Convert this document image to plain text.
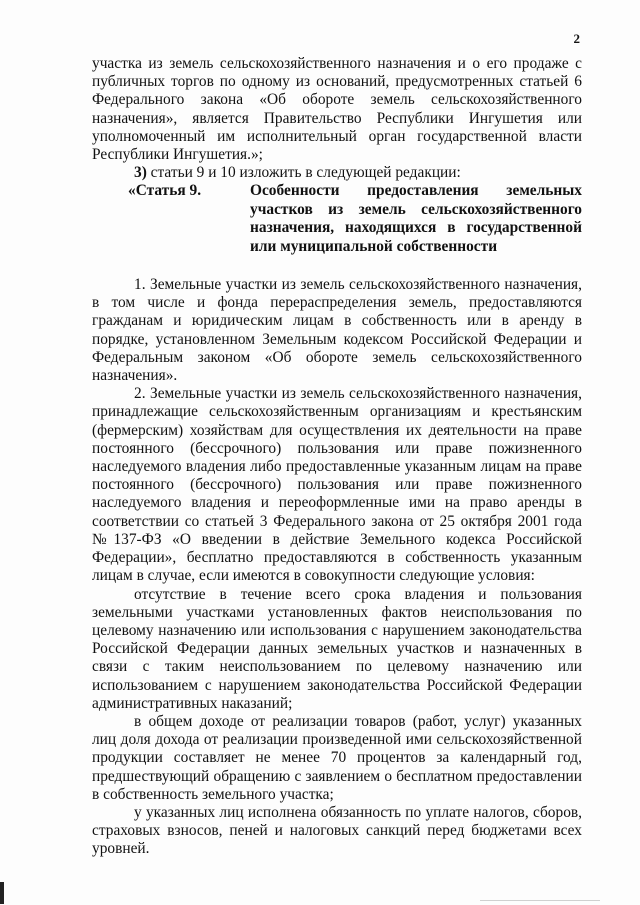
2

участка из земель сельскохозяйственного назначения и о его продаже с публичных торгов по одному из оснований, предусмотренных статьей 6 Федерального закона «Об обороте земель сельскохозяйственного назначения», является Правительство Республики Ингушетия или уполномоченный им исполнительный орган государственной власти Республики Ингушетия.»;

3) статьи 9 и 10 изложить в следующей редакции:

«Статья 9.	Особенности предоставления земельных участков из земель сельскохозяйственного назначения, находящихся в государственной или муниципальной собственности

1. Земельные участки из земель сельскохозяйственного назначения, в том числе и фонда перераспределения земель, предоставляются гражданам и юридическим лицам в собственность или в аренду в порядке, установленном Земельным кодексом Российской Федерации и Федеральным законом «Об обороте земель сельскохозяйственного назначения».

2. Земельные участки из земель сельскохозяйственного назначения, принадлежащие сельскохозяйственным организациям и крестьянским (фермерским) хозяйствам для осуществления их деятельности на праве постоянного (бессрочного) пользования или праве пожизненного наследуемого владения либо предоставленные указанным лицам на праве постоянного (бессрочного) пользования или праве пожизненного наследуемого владения и переоформленные ими на право аренды в соответствии со статьей 3 Федерального закона от 25 октября 2001 года №137-ФЗ «О введении в действие Земельного кодекса Российской Федерации», бесплатно предоставляются в собственность указанным лицам в случае, если имеются в совокупности следующие условия:

отсутствие в течение всего срока владения и пользования земельными участками установленных фактов неиспользования по целевому назначению или использования с нарушением законодательства Российской Федерации данных земельных участков и назначенных в связи с таким неиспользованием по целевому назначению или использованием с нарушением законодательства Российской Федерации административных наказаний;

в общем доходе от реализации товаров (работ, услуг) указанных лиц доля дохода от реализации произведенной ими сельскохозяйственной продукции составляет не менее 70 процентов за календарный год, предшествующий обращению с заявлением о бесплатном предоставлении в собственность земельного участка;

у указанных лиц исполнена обязанность по уплате налогов, сборов, страховых взносов, пеней и налоговых санкций перед бюджетами всех уровней.
